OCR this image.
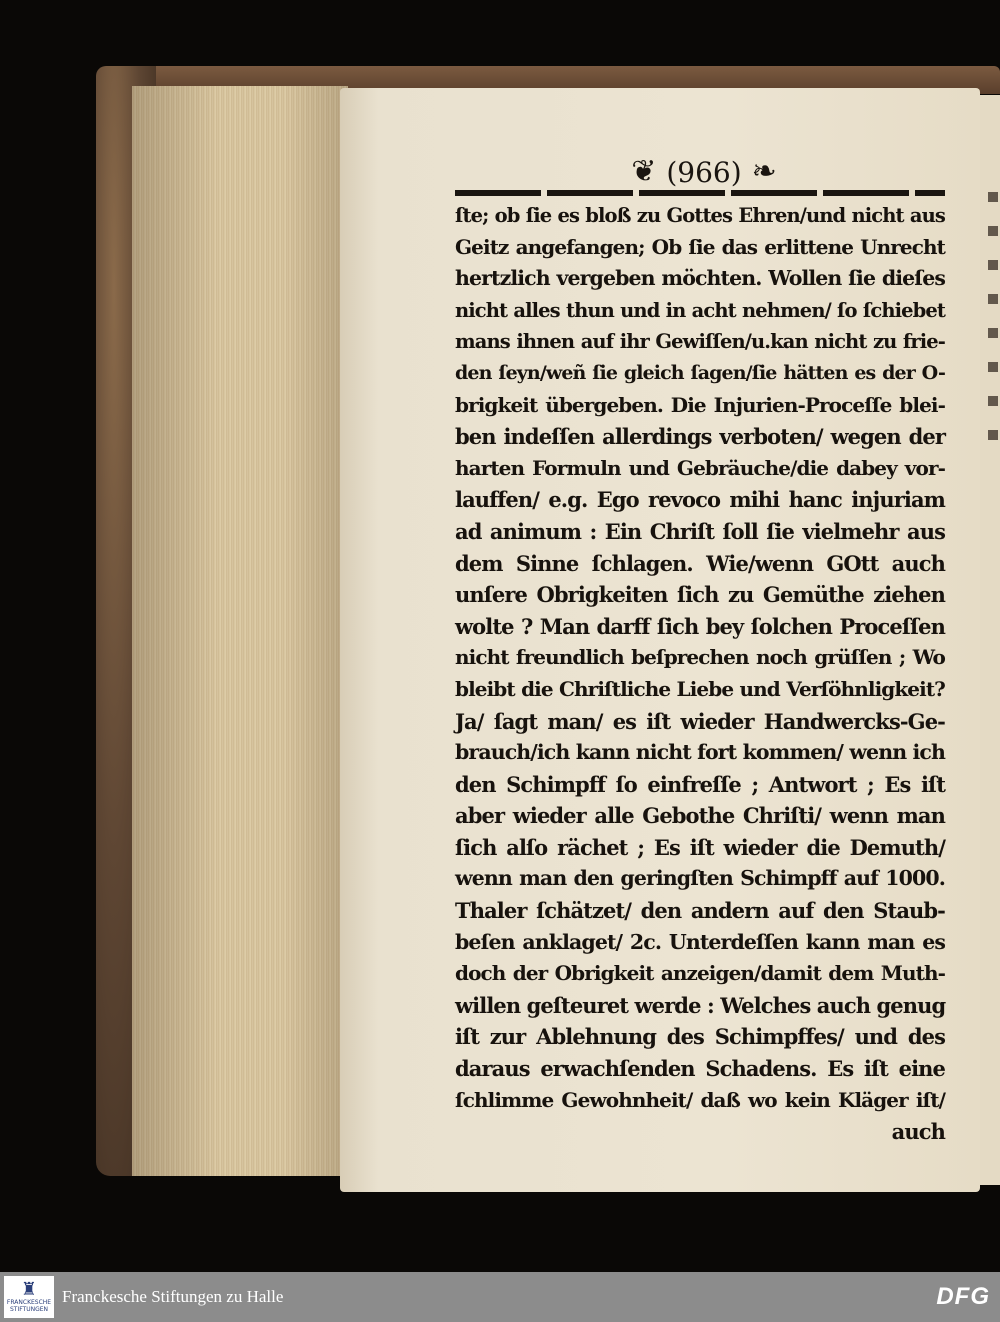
❦ (966) ❧
ſte; ob ſie es bloß zu Gottes Ehren/und nicht aus
Geitz angefangen; Ob ſie das erlittene Unrecht
hertzlich vergeben möchten. Wollen ſie dieſes
nicht alles thun und in acht nehmen/ ſo ſchiebet
mans ihnen auf ihr Gewiſſen/u.kan nicht zu frie-
den ſeyn/weñ ſie gleich ſagen/ſie hätten es der O-
brigkeit übergeben. Die Injurien-Proceſſe blei-
ben indeſſen allerdings verboten/ wegen der
harten Formuln und Gebräuche/die dabey vor-
lauffen/ e.g. Ego revoco mihi hanc injuriam
ad animum : Ein Chriſt ſoll ſie vielmehr aus
dem Sinne ſchlagen. Wie/wenn GOtt auch
unſere Obrigkeiten ſich zu Gemüthe ziehen
wolte ? Man darff ſich bey ſolchen Proceſſen
nicht freundlich beſprechen noch grüſſen ; Wo
bleibt die Chriſtliche Liebe und Verſöhnligkeit?
Ja/ ſagt man/ es iſt wieder Handwercks-Ge-
brauch/ich kann nicht fort kommen/ wenn ich
den Schimpff ſo einfreſſe ; Antwort ; Es iſt
aber wieder alle Gebothe Chriſti/ wenn man
ſich alſo rächet ; Es iſt wieder die Demuth/
wenn man den geringſten Schimpff auf 1000.
Thaler ſchätzet/ den andern auf den Staub-
beſen anklaget/ 2c. Unterdeſſen kann man es
doch der Obrigkeit anzeigen/damit dem Muth-
willen geſteuret werde : Welches auch genug
iſt zur Ablehnung des Schimpffes/ und des
daraus erwachſenden Schadens. Es iſt eine
ſchlimme Gewohnheit/ daß wo kein Kläger iſt/
auch
♜
FRANCKESCHE
STIFTUNGEN
Franckesche Stiftungen zu Halle	DFG
